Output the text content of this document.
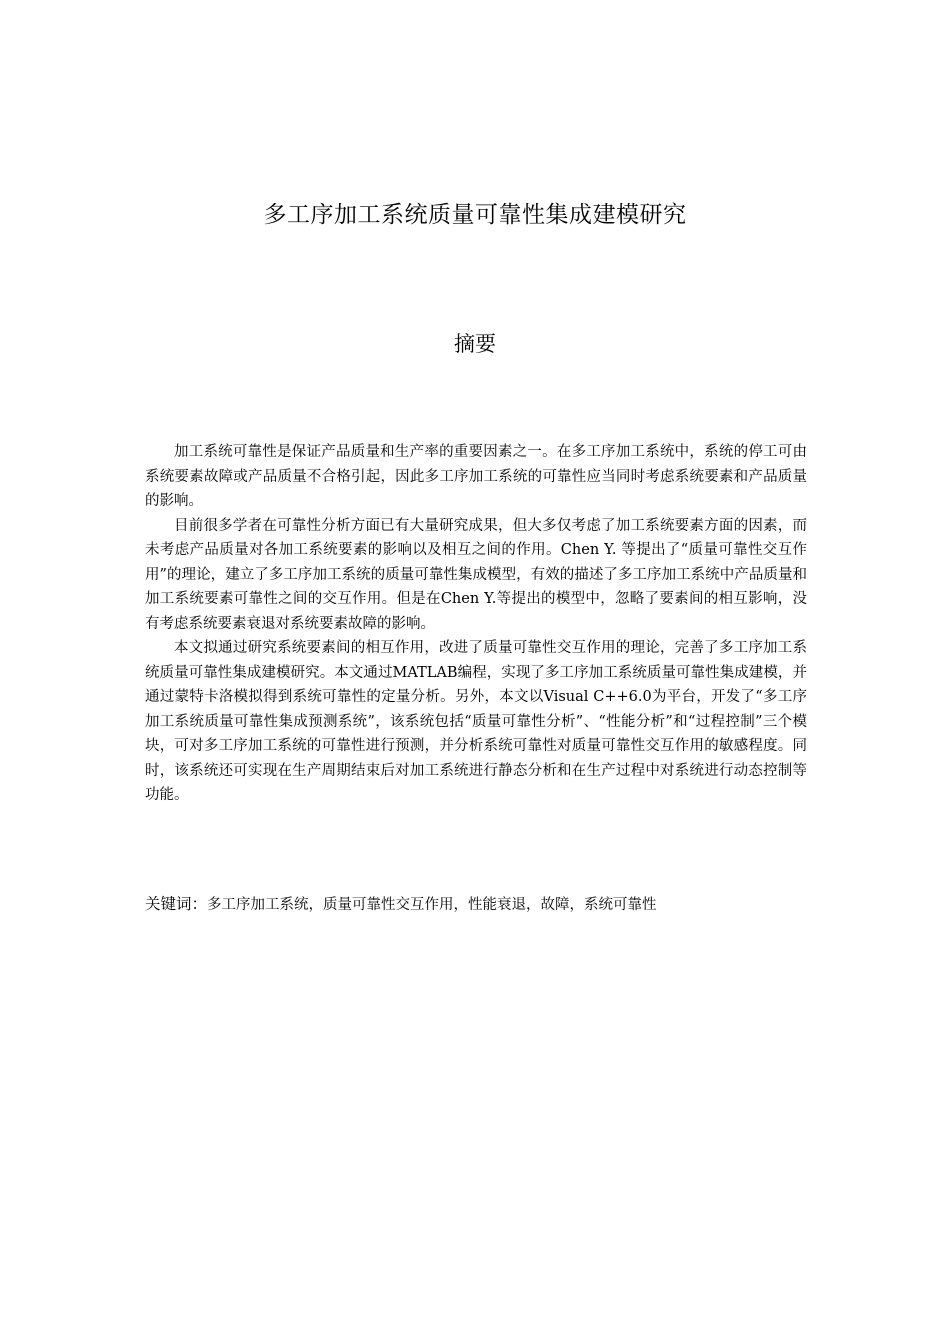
多工序加工系统质量可靠性集成建模研究
摘要

加工系统可靠性是保证产品质量和生产率的重要因素之一。在多工序加工系统中，系统的停工可由系统要素故障或产品质量不合格引起，因此多工序加工系统的可靠性应当同时考虑系统要素和产品质量的影响。

目前很多学者在可靠性分析方面已有大量研究成果，但大多仅考虑了加工系统要素方面的因素，而未考虑产品质量对各加工系统要素的影响以及相互之间的作用。Chen Y. 等提出了“质量可靠性交互作用”的理论，建立了多工序加工系统的质量可靠性集成模型，有效的描述了多工序加工系统中产品质量和加工系统要素可靠性之间的交互作用。但是在Chen Y.等提出的模型中，忽略了要素间的相互影响，没有考虑系统要素衰退对系统要素故障的影响。

本文拟通过研究系统要素间的相互作用，改进了质量可靠性交互作用的理论，完善了多工序加工系统质量可靠性集成建模研究。本文通过MATLAB编程，实现了多工序加工系统质量可靠性集成建模，并通过蒙特卡洛模拟得到系统可靠性的定量分析。另外，本文以Visual C++6.0为平台，开发了“多工序加工系统质量可靠性集成预测系统”，该系统包括“质量可靠性分析”、“性能分析”和“过程控制”三个模块，可对多工序加工系统的可靠性进行预测，并分析系统可靠性对质量可靠性交互作用的敏感程度。同时，该系统还可实现在生产周期结束后对加工系统进行静态分析和在生产过程中对系统进行动态控制等功能。

关键词：多工序加工系统，质量可靠性交互作用，性能衰退，故障，系统可靠性
